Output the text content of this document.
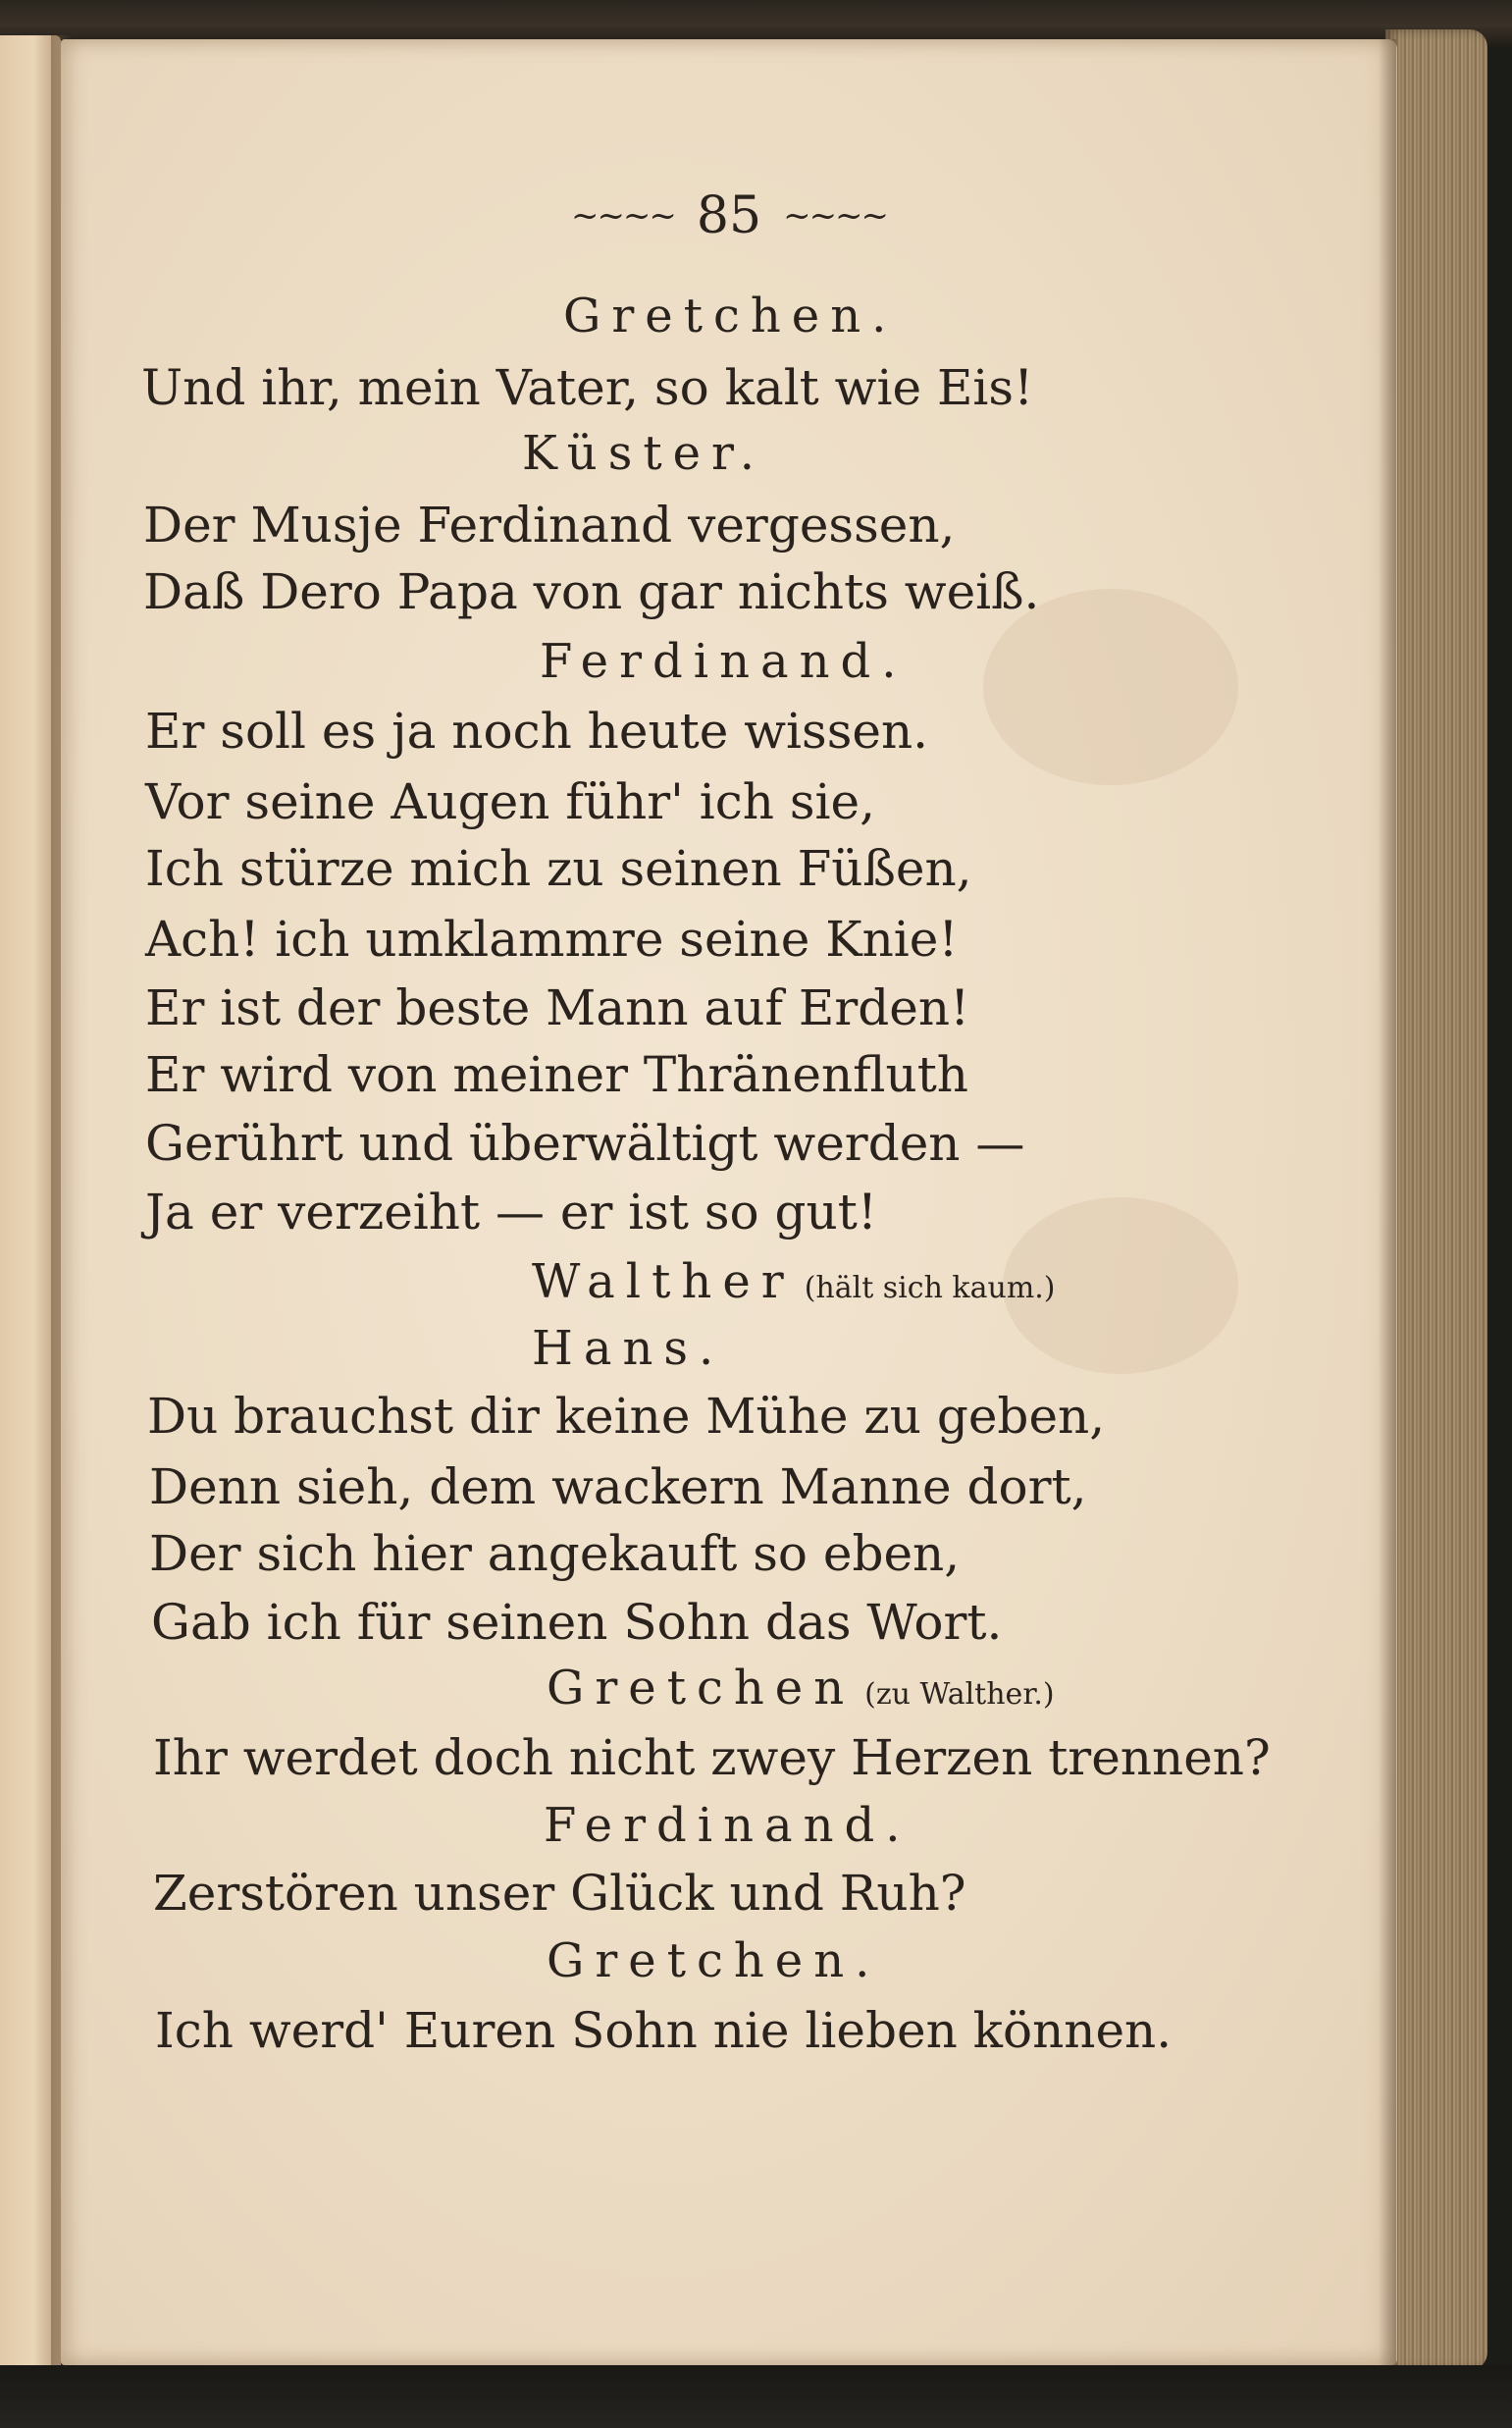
~~~~ 85 ~~~~
Gretchen.
Und ihr, mein Vater, so kalt wie Eis!
Küster.
Der Musje Ferdinand vergessen,
Daß Dero Papa von gar nichts weiß.
Ferdinand.
Er soll es ja noch heute wissen.
Vor seine Augen führ' ich sie,
Ich stürze mich zu seinen Füßen,
Ach! ich umklammre seine Knie!
Er ist der beste Mann auf Erden!
Er wird von meiner Thränenfluth
Gerührt und überwältigt werden —
Ja er verzeiht — er ist so gut!
Walther (hält sich kaum.)
Hans.
Du brauchst dir keine Mühe zu geben,
Denn sieh, dem wackern Manne dort,
Der sich hier angekauft so eben,
Gab ich für seinen Sohn das Wort.
Gretchen (zu Walther.)
Ihr werdet doch nicht zwey Herzen trennen?
Ferdinand.
Zerstören unser Glück und Ruh?
Gretchen.
Ich werd' Euren Sohn nie lieben können.
